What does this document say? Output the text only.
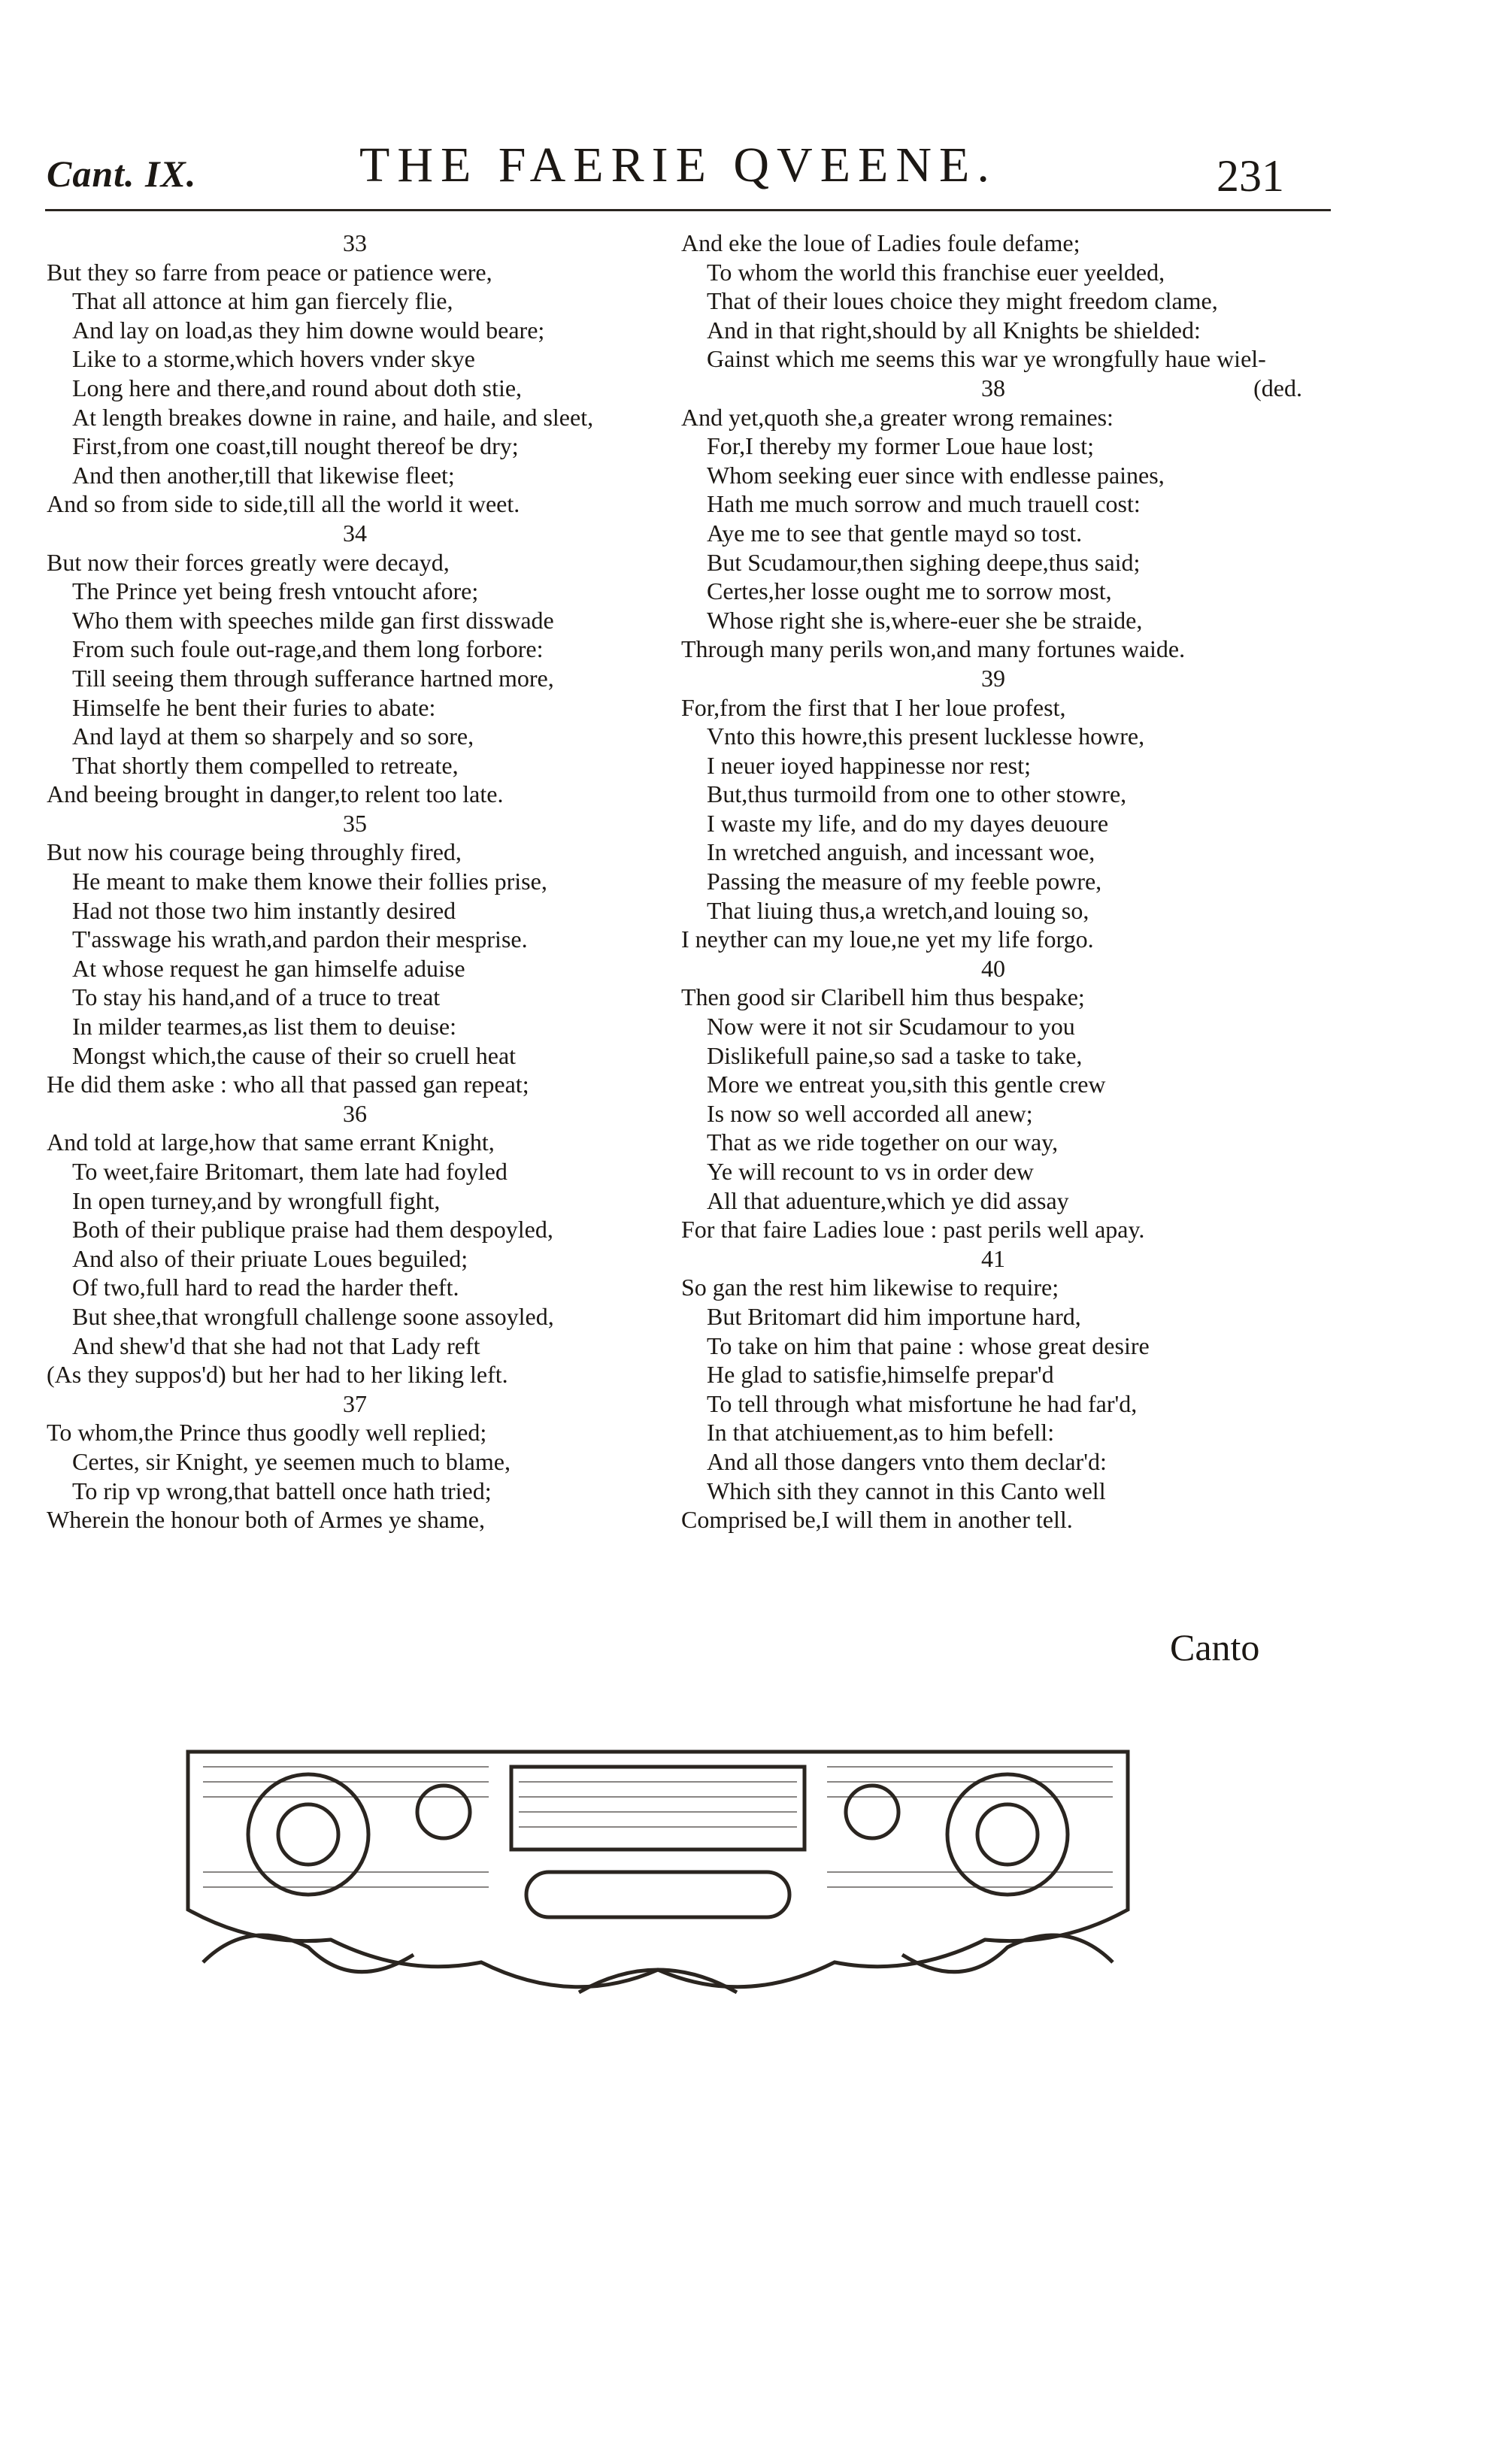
Cant. IX.	THE FAERIE QVEENE.	231
33
But they so farre from peace or patience were,
That all attonce at him gan fiercely flie,
And lay on load,as they him downe would beare;
Like to a storme,which hovers vnder skye
Long here and there,and round about doth stie,
At length breakes downe in raine, and haile, and sleet,
First,from one coast,till nought thereof be dry;
And then another,till that likewise fleet;
And so from side to side,till all the world it weet.
34
But now their forces greatly were decayd,
The Prince yet being fresh vntoucht afore;
Who them with speeches milde gan first disswade
From such foule out-rage,and them long forbore:
Till seeing them through sufferance hartned more,
Himselfe he bent their furies to abate:
And layd at them so sharpely and so sore,
That shortly them compelled to retreate,
And beeing brought in danger,to relent too late.
35
But now his courage being throughly fired,
He meant to make them knowe their follies prise,
Had not those two him instantly desired
T'asswage his wrath,and pardon their mesprise.
At whose request he gan himselfe aduise
To stay his hand,and of a truce to treat
In milder tearmes,as list them to deuise:
Mongst which,the cause of their so cruell heat
He did them aske : who all that passed gan repeat;
36
And told at large,how that same errant Knight,
To weet,faire Britomart, them late had foyled
In open turney,and by wrongfull fight,
Both of their publique praise had them despoyled,
And also of their priuate Loues beguiled;
Of two,full hard to read the harder theft.
But shee,that wrongfull challenge soone assoyled,
And shew'd that she had not that Lady reft
(As they suppos'd) but her had to her liking left.
37
To whom,the Prince thus goodly well replied;
Certes, sir Knight, ye seemen much to blame,
To rip vp wrong,that battell once hath tried;
Wherein the honour both of Armes ye shame,
And eke the loue of Ladies foule defame;
To whom the world this franchise euer yeelded,
That of their loues choice they might freedom clame,
And in that right,should by all Knights be shielded:
Gainst which me seems this war ye wrongfully haue wiel-
38	(ded.
And yet,quoth she,a greater wrong remaines:
For,I thereby my former Loue haue lost;
Whom seeking euer since with endlesse paines,
Hath me much sorrow and much trauell cost:
Aye me to see that gentle mayd so tost.
But Scudamour,then sighing deepe,thus said;
Certes,her losse ought me to sorrow most,
Whose right she is,where-euer she be straide,
Through many perils won,and many fortunes waide.
39
For,from the first that I her loue profest,
Vnto this howre,this present lucklesse howre,
I neuer ioyed happinesse nor rest;
But,thus turmoild from one to other stowre,
I waste my life, and do my dayes deuoure
In wretched anguish, and incessant woe,
Passing the measure of my feeble powre,
That liuing thus,a wretch,and louing so,
I neyther can my loue,ne yet my life forgo.
40
Then good sir Claribell him thus bespake;
Now were it not sir Scudamour to you
Dislikefull paine,so sad a taske to take,
More we entreat you,sith this gentle crew
Is now so well accorded all anew;
That as we ride together on our way,
Ye will recount to vs in order dew
All that aduenture,which ye did assay
For that faire Ladies loue : past perils well apay.
41
So gan the rest him likewise to require;
But Britomart did him importune hard,
To take on him that paine : whose great desire
He glad to satisfie,himselfe prepar'd
To tell through what misfortune he had far'd,
In that atchiuement,as to him befell:
And all those dangers vnto them declar'd:
Which sith they cannot in this Canto well
Comprised be,I will them in another tell.
Canto
